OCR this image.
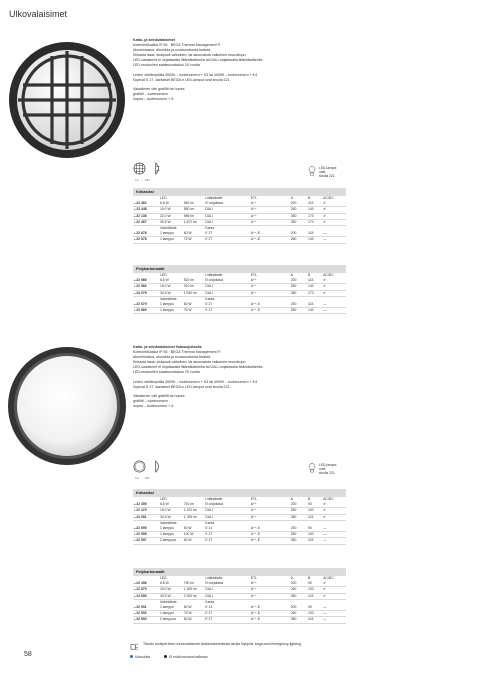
Ulkovalaisimet
Katto- ja seinävalaisimet
Kotelointiluokka IP 65 · BEGA Thermal Management ®
Alumiinivalua, alumiinia ja ruostumatonta terästä
Kirkasta lasia, sisäpuoli valkoinen, tai akurmaista valkoinen muovikupu
LED-valaisimet ei ohjattavalla liitäntälaitteella tai DALI-ohjattavalla liitäntälaitteella
LED-moduulien saatavuustakuu 20 vuotta
Leden värilämpötila 3000K – tuotenumero + K3 tai 4000K – tuotenumero + K4
Sopivat E 27 -kantaiset BEGA:n LED-lamput ovat sivulla 221.
Valaisimen väri grafiitti tai hopea
grafiitti – tuotenumero
hopea – tuotenumero + A
I A · · · I B I
LED-lamput
ovat
sivulla 221.
Katto- ja seinävalaisimet lisäsuojuksella
Kotelointiluokka IP 65 · BEGA Thermal Management ®
Alumiinivalua, alumiinia ja ruostumatonta terästä
Kirkasta lasia, sisäpuoli valkoinen, tai akurmaista valkoinen muovikupu
LED-valaisimet ei ohjattavalla liitäntälaitteella tai DALI-ohjattavalla liitäntälaitteella
LED-moduulien saatavuustakuu 20 vuotta
Leden värilämpötila 3000K – tuotenumero + K3 tai 4000K – tuotenumero + K4
Sopivat E 27 -kantaiset BEGA:n LED-lamput ovat sivulla 221.
Valaisimen väri grafiitti tai hopea
grafiitti – tuotenumero
hopea – tuotenumero + A
I A · · · I B I
LED-lamput
ovat
sivulla 221.
Kirkaslasi
	LED		Liitäntälaite	ETL	A	B	AC/DC
● 22 462	6.8 W	560 lm	Ei ohjattava	A⁺⁺	200	115	✔
● 22 448	15.0 W	850 lm	DALI	A⁺⁺	260	140	✔
● 22 136	22.0 W	985 lm	DALI	A⁺⁺	350	170	✔
● 22 467	30.5 W	1 670 lm	DALI	A⁺⁺	350	170	✔
	Valonlähde		Kanta				
● 22 676	1 lamppu	60 W	E 27	A⁺⁺-E	200	115	—
● 22 578	1 lamppu	75 W	E 27	A⁺⁺-E	260	140	—
Polykarbonaatti
	LED		Liitäntälaite	ETL	A	B	AC/DC
● 22 566	6.8 W	520 lm	Ei ohjattava	A⁺⁺	200	115	✔
● 22 584	15.0 W	910 lm	DALI	A⁺⁺	260	140	✔
● 24 079	30.5 W	1 540 lm	DALI	A⁺⁺	350	170	✔
	Valonlähde		Kanta				
● 22 679	1 lamppu	60 W	E 27	A⁺⁺-E	200	115	—
● 22 860	1 lamppu	75 W	E 27	A⁺⁺-E	260	140	—
Kirkaslasi
	LED		Liitäntälaite	ETL	A	B	AC/DC
● 22 455	6.8 W	740 lm	Ei ohjattava	A⁺⁺	200	90	✔
● 22 470	15.0 W	1 220 lm	DALI	A⁺⁺	260	100	✔
● 24 081	30.5 W	1 785 lm	DALI	A⁺⁺	350	115	✔
	Valonlähde		Kanta				
● 22 595	1 lamppu	60 W	E 14	A⁺⁺-E	200	90	—
● 22 596	1 lamppu	100 W	E 27	A⁺⁺-E	260	100	—
● 22 597	2 lamppua	60 W	E 27	A⁺⁺-E	350	115	—
Polykarbonaatti
	LED		Liitäntälaite	ETL	A	B	AC/DC
● 22 456	6.8 W	750 lm	Ei ohjattava	A⁺⁺	200	90	✔
● 22 570	15.0 W	1 305 lm	DALI	A⁺⁺	260	100	✔
● 24 080	30.5 W	2 250 lm	DALI	A⁺⁺	350	115	✔
	Valonlähde		Kanta				
● 22 591	1 lamppu	60 W	E 14	A⁺⁺-E	200	90	—
● 22 592	1 lamppu	75 W	E 27	A⁺⁺-E	260	100	—
● 22 593	2 lamppua	60 W	E 27	A⁺⁺-E	350	115	—
Tämän tuoteperheen turvavalaisimet sisäänrakennetulla akulla löytyvät: bega.com/emergency-lighting
Uutuuksia	Ei enää mukana kalliossa
58
